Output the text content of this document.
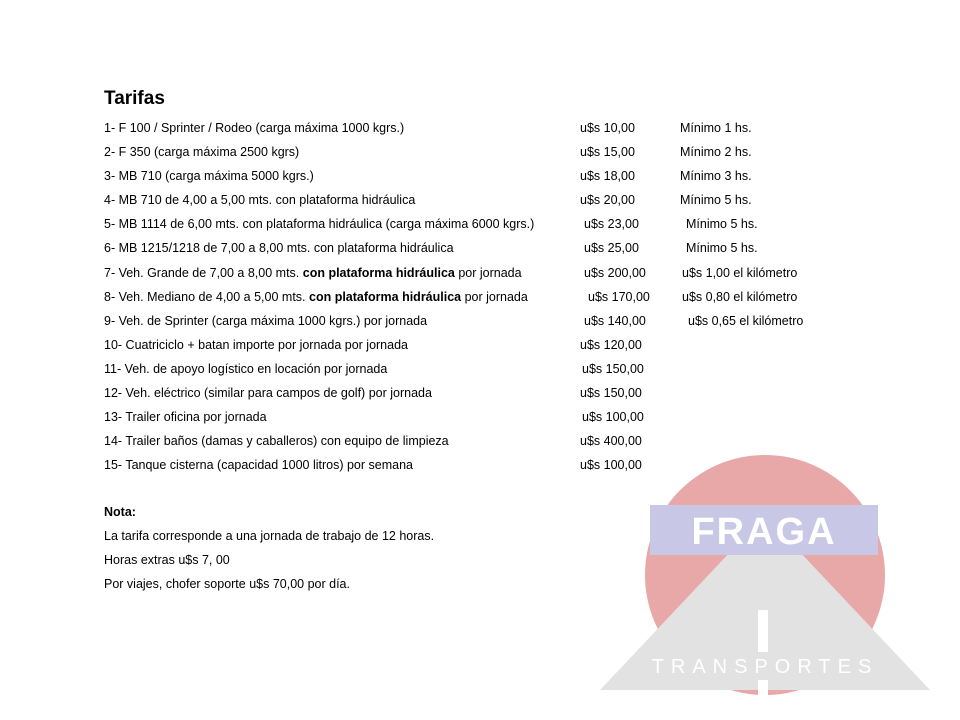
FRAGA
TRANSPORTES
Tarifas
1- F 100 / Sprinter / Rodeo (carga máxima 1000 kgrs.)	u$s 10,00	Mínimo 1 hs.
2- F 350 (carga máxima 2500 kgrs)	u$s 15,00	Mínimo 2 hs.
3- MB 710 (carga máxima 5000 kgrs.)	u$s 18,00	Mínimo 3 hs.
4- MB 710 de 4,00 a 5,00 mts. con plataforma hidráulica	u$s 20,00	Mínimo 5 hs.
5- MB 1114 de 6,00 mts. con plataforma hidráulica (carga máxima 6000 kgrs.)	u$s 23,00	Mínimo 5 hs.
6- MB 1215/1218 de 7,00 a 8,00 mts. con plataforma hidráulica	u$s 25,00	Mínimo 5 hs.
7- Veh. Grande de 7,00 a 8,00 mts. con plataforma hidráulica por jornada	u$s 200,00	u$s 1,00 el kilómetro
8- Veh. Mediano de 4,00 a 5,00 mts. con plataforma hidráulica por jornada	u$s 170,00	u$s 0,80 el kilómetro
9- Veh. de Sprinter (carga máxima 1000 kgrs.) por jornada	u$s 140,00	u$s 0,65 el kilómetro
10- Cuatriciclo + batan importe por jornada por jornada	u$s 120,00
11- Veh. de apoyo logístico en locación por jornada	u$s 150,00
12- Veh. eléctrico (similar para campos de golf) por jornada	u$s 150,00
13- Trailer oficina por jornada	u$s 100,00
14- Trailer baños (damas y caballeros) con equipo de limpieza	u$s 400,00
15- Tanque cisterna (capacidad 1000 litros) por semana	u$s 100,00
Nota:
La tarifa corresponde a una jornada de trabajo de 12 horas.
Horas extras u$s 7, 00
Por viajes, chofer soporte u$s 70,00 por día.
